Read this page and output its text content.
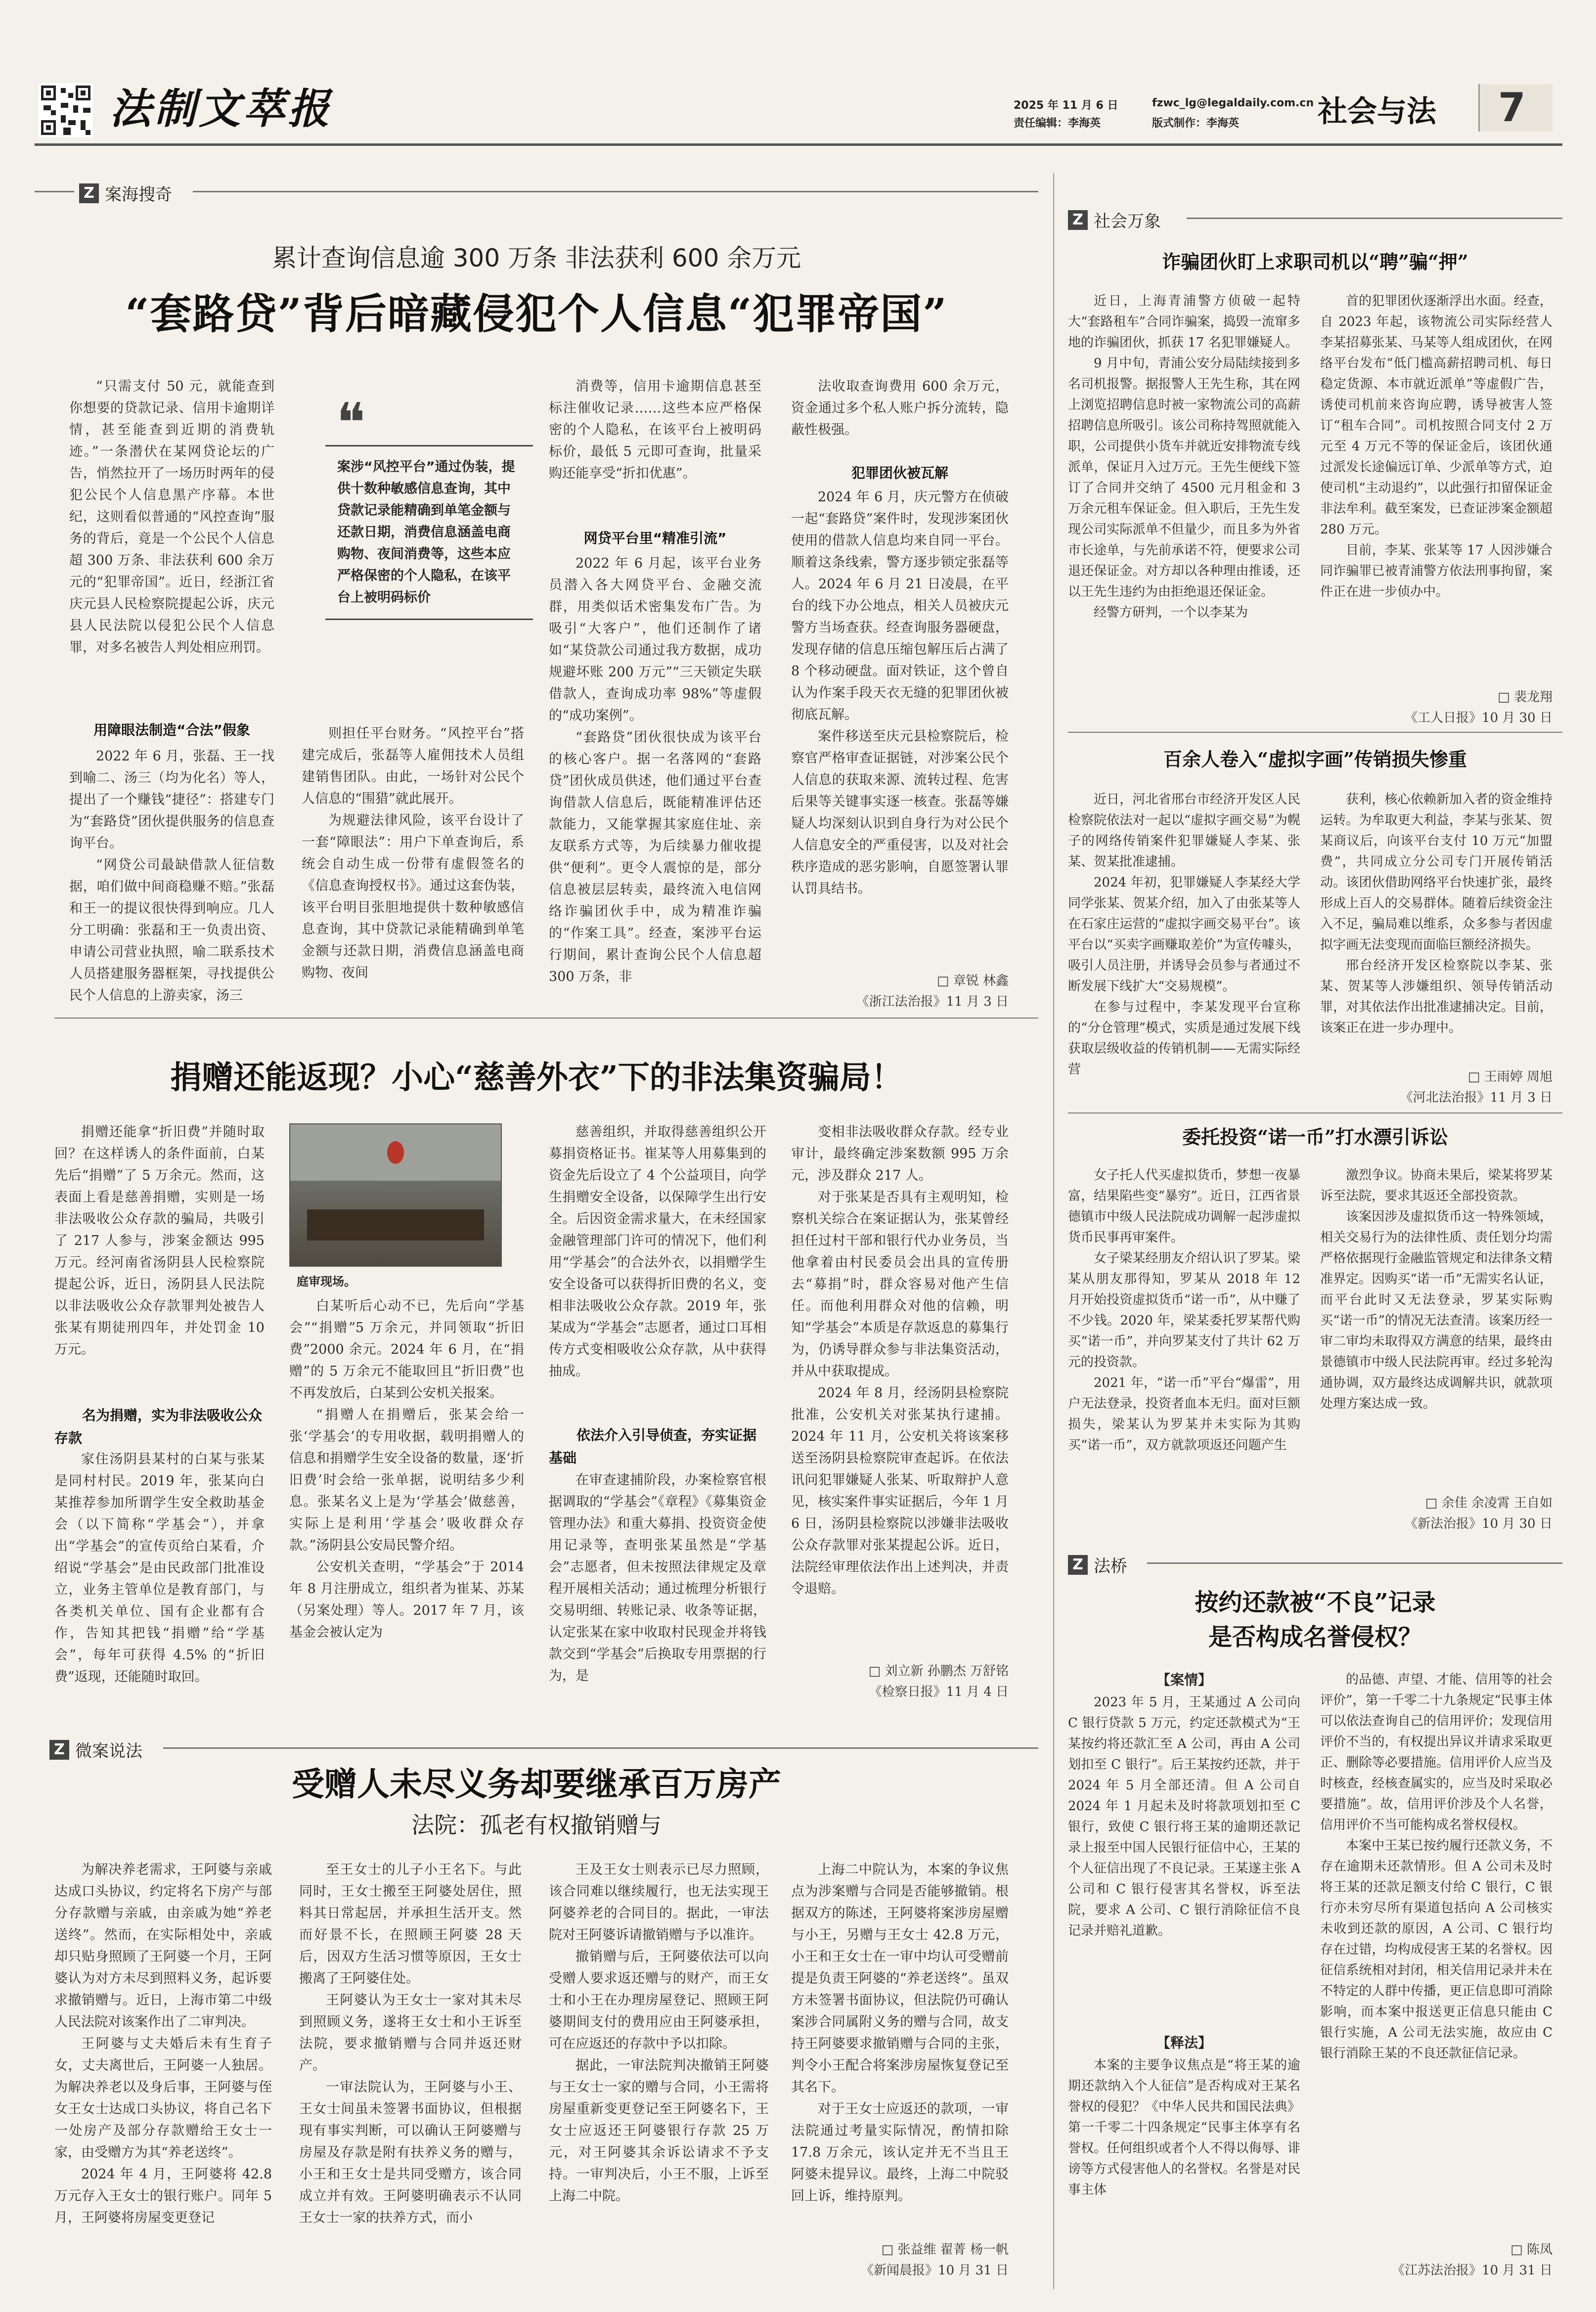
法制文萃报	2025 年 11 月 6 日
责任编辑：李海英
fzwc_lg@legaldaily.com.cn
版式制作：李海英	社会与法 7
Z 案海搜奇
累计查询信息逾 300 万条 非法获利 600 余万元
“套路贷”背后暗藏侵犯个人信息“犯罪帝国”

“只需支付 50 元，就能查到你想要的贷款记录、信用卡逾期详情，甚至能查到近期的消费轨迹。”一条潜伏在某网贷论坛的广告，悄然拉开了一场历时两年的侵犯公民个人信息黑产序幕。本世纪，这则看似普通的“风控查询”服务的背后，竟是一个公民个人信息超 300 万条、非法获利 600 余万元的“犯罪帝国”。近日，经浙江省庆元县人民检察院提起公诉，庆元县人民法院以侵犯公民个人信息罪，对多名被告人判处相应刑罚。

用障眼法制造“合法”假象

2022 年 6 月，张磊、王一找到喻二、汤三（均为化名）等人，提出了一个赚钱“捷径”：搭建专门为“套路贷”团伙提供服务的信息查询平台。

“网贷公司最缺借款人征信数据，咱们做中间商稳赚不赔。”张磊和王一的提议很快得到响应。几人分工明确：张磊和王一负责出资、申请公司营业执照，喻二联系技术人员搭建服务器框架，寻找提供公民个人信息的上游卖家，汤三

❝
案涉“风控平台”通过伪装，提供十数种敏感信息查询，其中贷款记录能精确到单笔金额与还款日期，消费信息涵盖电商购物、夜间消费等，这些本应严格保密的个人隐私，在该平台上被明码标价

则担任平台财务。“风控平台”搭建完成后，张磊等人雇佣技术人员组建销售团队。由此，一场针对公民个人信息的“围猎”就此展开。

为规避法律风险，该平台设计了一套“障眼法”：用户下单查询后，系统会自动生成一份带有虚假签名的《信息查询授权书》。通过这套伪装，该平台明目张胆地提供十数种敏感信息查询，其中贷款记录能精确到单笔金额与还款日期，消费信息涵盖电商购物、夜间

消费等，信用卡逾期信息甚至标注催收记录……这些本应严格保密的个人隐私，在该平台上被明码标价，最低 5 元即可查询，批量采购还能享受“折扣优惠”。

网贷平台里“精准引流”

2022 年 6 月起，该平台业务员潜入各大网贷平台、金融交流群，用类似话术密集发布广告。为吸引“大客户”，他们还制作了诸如“某贷款公司通过我方数据，成功规避坏账 200 万元”“三天锁定失联借款人，查询成功率 98%”等虚假的“成功案例”。

“套路贷”团伙很快成为该平台的核心客户。据一名落网的“套路贷”团伙成员供述，他们通过平台查询借款人信息后，既能精准评估还款能力，又能掌握其家庭住址、亲友联系方式等，为后续暴力催收提供“便利”。更令人震惊的是，部分信息被层层转卖，最终流入电信网络诈骗团伙手中，成为精准诈骗的“作案工具”。经查，案涉平台运行期间，累计查询公民个人信息超 300 万条，非

法收取查询费用 600 余万元，资金通过多个私人账户拆分流转，隐蔽性极强。

犯罪团伙被瓦解

2024 年 6 月，庆元警方在侦破一起“套路贷”案件时，发现涉案团伙使用的借款人信息均来自同一平台。顺着这条线索，警方逐步锁定张磊等人。2024 年 6 月 21 日凌晨，在平台的线下办公地点，相关人员被庆元警方当场查获。经查询服务器硬盘，发现存储的信息压缩包解压后占满了 8 个移动硬盘。面对铁证，这个曾自认为作案手段天衣无缝的犯罪团伙被彻底瓦解。

案件移送至庆元县检察院后，检察官严格审查证据链，对涉案公民个人信息的获取来源、流转过程、危害后果等关键事实逐一核查。张磊等嫌疑人均深刻认识到自身行为对公民个人信息安全的严重侵害，以及对社会秩序造成的恶劣影响，自愿签署认罪认罚具结书。

□ 章锐 林鑫
《浙江法治报》11 月 3 日
捐赠还能返现？小心“慈善外衣”下的非法集资骗局！

捐赠还能拿“折旧费”并随时取回？在这样诱人的条件面前，白某先后“捐赠”了 5 万余元。然而，这表面上看是慈善捐赠，实则是一场非法吸收公众存款的骗局，共吸引了 217 人参与，涉案金额达 995 万元。经河南省汤阴县人民检察院提起公诉，近日，汤阴县人民法院以非法吸收公众存款罪判处被告人张某有期徒刑四年，并处罚金 10 万元。

名为捐赠，实为非法吸收公众存款

家住汤阴县某村的白某与张某是同村村民。2019 年，张某向白某推荐参加所谓学生安全救助基金会（以下简称“学基会”），并拿出“学基会”的宣传页给白某看，介绍说“学基会”是由民政部门批准设立，业务主管单位是教育部门，与各类机关单位、国有企业都有合作，告知其把钱“捐赠”给“学基会”，每年可获得 4.5% 的“折旧费”返现，还能随时取回。

庭审现场。

白某听后心动不已，先后向“学基会”“捐赠”5 万余元，并同领取“折旧费”2000 余元。2024 年 6 月，在“捐赠”的 5 万余元不能取回且“折旧费”也不再发放后，白某到公安机关报案。

“捐赠人在捐赠后，张某会给一张‘学基会’的专用收据，载明捐赠人的信息和捐赠学生安全设备的数量，逐‘折旧费’时会给一张单据，说明结多少利息。张某名义上是为‘学基会’做慈善，实际上是利用‘学基会’吸收群众存款。”汤阴县公安局民警介绍。

公安机关查明，“学基会”于 2014 年 8 月注册成立，组织者为崔某、苏某（另案处理）等人。2017 年 7 月，该基金会被认定为

慈善组织，并取得慈善组织公开募捐资格证书。崔某等人用募集到的资金先后设立了 4 个公益项目，向学生捐赠安全设备，以保障学生出行安全。后因资金需求量大，在未经国家金融管理部门许可的情况下，他们利用“学基会”的合法外衣，以捐赠学生安全设备可以获得折旧费的名义，变相非法吸收公众存款。2019 年，张某成为“学基会”志愿者，通过口耳相传方式变相吸收公众存款，从中获得抽成。

依法介入引导侦查，夯实证据基础

在审查逮捕阶段，办案检察官根据调取的“学基会”《章程》《募集资金管理办法》和重大募捐、投资资金使用记录等，查明张某虽然是“学基会”志愿者，但未按照法律规定及章程开展相关活动；通过梳理分析银行交易明细、转账记录、收条等证据，认定张某在家中收取村民现金并将钱款交到“学基会”后换取专用票据的行为，是

变相非法吸收群众存款。经专业审计，最终确定涉案数额 995 万余元，涉及群众 217 人。

对于张某是否具有主观明知，检察机关综合在案证据认为，张某曾经担任过村干部和银行代办业务员，当他拿着由村民委员会出具的宣传册去“募捐”时，群众容易对他产生信任。而他利用群众对他的信赖，明知“学基会”本质是存款返息的募集行为，仍诱导群众参与非法集资活动，并从中获取提成。

2024 年 8 月，经汤阴县检察院批准，公安机关对张某执行逮捕。2024 年 11 月，公安机关将该案移送至汤阴县检察院审查起诉。在依法讯问犯罪嫌疑人张某、听取辩护人意见，核实案件事实证据后，今年 1 月 6 日，汤阴县检察院以涉嫌非法吸收公众存款罪对张某提起公诉。近日，法院经审理依法作出上述判决，并责令退赔。

□ 刘立新 孙鹏杰 万舒铭
《检察日报》11 月 4 日
Z 微案说法
受赠人未尽义务却要继承百万房产
法院：孤老有权撤销赠与

为解决养老需求，王阿婆与亲戚达成口头协议，约定将名下房产与部分存款赠与亲戚，由亲戚为她“养老送终”。然而，在实际相处中，亲戚却只贴身照顾了王阿婆一个月，王阿婆认为对方未尽到照料义务，起诉要求撤销赠与。近日，上海市第二中级人民法院对该案作出了二审判决。

王阿婆与丈夫婚后未有生育子女，丈夫离世后，王阿婆一人独居。为解决养老以及身后事，王阿婆与侄女王女士达成口头协议，将自己名下一处房产及部分存款赠给王女士一家，由受赠方为其“养老送终”。

2024 年 4 月，王阿婆将 42.8 万元存入王女士的银行账户。同年 5 月，王阿婆将房屋变更登记

至王女士的儿子小王名下。与此同时，王女士搬至王阿婆处居住，照料其日常起居，并承担生活开支。然而好景不长，在照顾王阿婆 28 天后，因双方生活习惯等原因，王女士搬离了王阿婆住处。

王阿婆认为王女士一家对其未尽到照顾义务，遂将王女士和小王诉至法院，要求撤销赠与合同并返还财产。

一审法院认为，王阿婆与小王、王女士间虽未签署书面协议，但根据现有事实判断，可以确认王阿婆赠与房屋及存款是附有扶养义务的赠与，小王和王女士是共同受赠方，该合同成立并有效。王阿婆明确表示不认同王女士一家的扶养方式，而小

王及王女士则表示已尽力照顾，该合同难以继续履行，也无法实现王阿婆养老的合同目的。据此，一审法院对王阿婆诉请撤销赠与予以准许。

撤销赠与后，王阿婆依法可以向受赠人要求返还赠与的财产，而王女士和小王在办理房屋登记、照顾王阿婆期间支付的费用应由王阿婆承担，可在应返还的存款中予以扣除。

据此，一审法院判决撤销王阿婆与王女士一家的赠与合同，小王需将房屋重新变更登记至王阿婆名下，王女士应返还王阿婆银行存款 25 万元，对王阿婆其余诉讼请求不予支持。一审判决后，小王不服，上诉至上海二中院。

上海二中院认为，本案的争议焦点为涉案赠与合同是否能够撤销。根据双方的陈述，王阿婆将案涉房屋赠与小王，另赠与王女士 42.8 万元，小王和王女士在一审中均认可受赠前提是负责王阿婆的“养老送终”。虽双方未签署书面协议，但法院仍可确认案涉合同属附义务的赠与合同，故支持王阿婆要求撤销赠与合同的主张，判令小王配合将案涉房屋恢复登记至其名下。

对于王女士应返还的款项，一审法院通过考量实际情况，酌情扣除 17.8 万余元，该认定并无不当且王阿婆未提异议。最终，上海二中院驳回上诉，维持原判。

□ 张益维 翟菁 杨一帆
《新闻晨报》10 月 31 日
Z 社会万象
诈骗团伙盯上求职司机以“聘”骗“押”

近日，上海青浦警方侦破一起特大“套路租车”合同诈骗案，捣毁一流窜多地的诈骗团伙，抓获 17 名犯罪嫌疑人。

9 月中旬，青浦公安分局陆续接到多名司机报警。据报警人王先生称，其在网上浏览招聘信息时被一家物流公司的高薪招聘信息所吸引。该公司称持驾照就能入职，公司提供小货车并就近安排物流专线派单，保证月入过万元。王先生便线下签订了合同并交纳了 4500 元月租金和 3 万余元租车保证金。但入职后，王先生发现公司实际派单不但量少，而且多为外省市长途单，与先前承诺不符，便要求公司退还保证金。对方却以各种理由推诿，还以王先生违约为由拒绝退还保证金。

经警方研判，一个以李某为

首的犯罪团伙逐渐浮出水面。经查，自 2023 年起，该物流公司实际经营人李某招募张某、马某等人组成团伙，在网络平台发布“低门槛高薪招聘司机、每日稳定货源、本市就近派单”等虚假广告，诱使司机前来咨询应聘，诱导被害人签订“租车合同”。司机按照合同支付 2 万元至 4 万元不等的保证金后，该团伙通过派发长途偏远订单、少派单等方式，迫使司机“主动退约”，以此强行扣留保证金非法牟利。截至案发，已查证涉案金额超 280 万元。

目前，李某、张某等 17 人因涉嫌合同诈骗罪已被青浦警方依法刑事拘留，案件正在进一步侦办中。

□ 裴龙翔
《工人日报》10 月 30 日
百余人卷入“虚拟字画”传销损失惨重

近日，河北省邢台市经济开发区人民检察院依法对一起以“虚拟字画交易”为幌子的网络传销案件犯罪嫌疑人李某、张某、贺某批准逮捕。

2024 年初，犯罪嫌疑人李某经大学同学张某、贺某介绍，加入了由张某等人在石家庄运营的“虚拟字画交易平台”。该平台以“买卖字画赚取差价”为宣传噱头，吸引人员注册，并诱导会员参与者通过不断发展下线扩大“交易规模”。

在参与过程中，李某发现平台宣称的“分仓管理”模式，实质是通过发展下线获取层级收益的传销机制——无需实际经营

获利，核心依赖新加入者的资金维持运转。为牟取更大利益，李某与张某、贺某商议后，向该平台支付 10 万元“加盟费”，共同成立分公司专门开展传销活动。该团伙借助网络平台快速扩张，最终形成上百人的交易群体。随着后续资金注入不足，骗局难以维系，众多参与者因虚拟字画无法变现而面临巨额经济损失。

邢台经济开发区检察院以李某、张某、贺某等人涉嫌组织、领导传销活动罪，对其依法作出批准逮捕决定。目前，该案正在进一步办理中。

□ 王雨婷 周旭
《河北法治报》11 月 3 日
委托投资“诺一币”打水漂引诉讼

女子托人代买虚拟货币，梦想一夜暴富，结果陷些变“暴穷”。近日，江西省景德镇市中级人民法院成功调解一起涉虚拟货币民事再审案件。

女子梁某经朋友介绍认识了罗某。梁某从朋友那得知，罗某从 2018 年 12 月开始投资虚拟货币“诺一币”，从中赚了不少钱。2020 年，梁某委托罗某帮代购买“诺一币”，并向罗某支付了共计 62 万元的投资款。

2021 年，“诺一币”平台“爆雷”，用户无法登录，投资者血本无归。面对巨额损失，梁某认为罗某并未实际为其购买“诺一币”，双方就款项返还问题产生

激烈争议。协商未果后，梁某将罗某诉至法院，要求其返还全部投资款。

该案因涉及虚拟货币这一特殊领域，相关交易行为的法律性质、责任划分均需严格依据现行金融监管规定和法律条文精准界定。因购买“诺一币”无需实名认证，而平台此时又无法登录，罗某实际购买“诺一币”的情况无法查清。该案历经一审二审均未取得双方满意的结果，最终由景德镇市中级人民法院再审。经过多轮沟通协调，双方最终达成调解共识，就款项处理方案达成一致。

□ 余佳 余凌霄 王自如
《新法治报》10 月 30 日
Z 法桥
按约还款被“不良”记录
是否构成名誉侵权？
【案情】

2023 年 5 月，王某通过 A 公司向 C 银行贷款 5 万元，约定还款模式为“王某按约将还款汇至 A 公司，再由 A 公司划扣至 C 银行”。后王某按约还款，并于 2024 年 5 月全部还清。但 A 公司自 2024 年 1 月起未及时将款项划扣至 C 银行，致使 C 银行将王某的逾期还款记录上报至中国人民银行征信中心，王某的个人征信出现了不良记录。王某遂主张 A 公司和 C 银行侵害其名誉权，诉至法院，要求 A 公司、C 银行消除征信不良记录并赔礼道歉。

【释法】

本案的主要争议焦点是“将王某的逾期还款纳入个人征信”是否构成对王某名誉权的侵犯？《中华人民共和国民法典》第一千零二十四条规定“民事主体享有名誉权。任何组织或者个人不得以侮辱、诽谤等方式侵害他人的名誉权。名誉是对民事主体

的品德、声望、才能、信用等的社会评价”，第一千零二十九条规定“民事主体可以依法查询自己的信用评价；发现信用评价不当的，有权提出异议并请求采取更正、删除等必要措施。信用评价人应当及时核查，经核查属实的，应当及时采取必要措施”。故，信用评价涉及个人名誉，信用评价不当可能构成名誉权侵权。

本案中王某已按约履行还款义务，不存在逾期未还款情形。但 A 公司未及时将王某的还款足额支付给 C 银行，C 银行亦未穷尽所有渠道包括向 A 公司核实未收到还款的原因，A 公司、C 银行均存在过错，均构成侵害王某的名誉权。因征信系统相对封闭，相关信用记录并未在不特定的人群中传播，更正信息即可消除影响，而本案中报送更正信息只能由 C 银行实施，A 公司无法实施，故应由 C 银行消除王某的不良还款征信记录。

□ 陈凤
《江苏法治报》10 月 31 日
